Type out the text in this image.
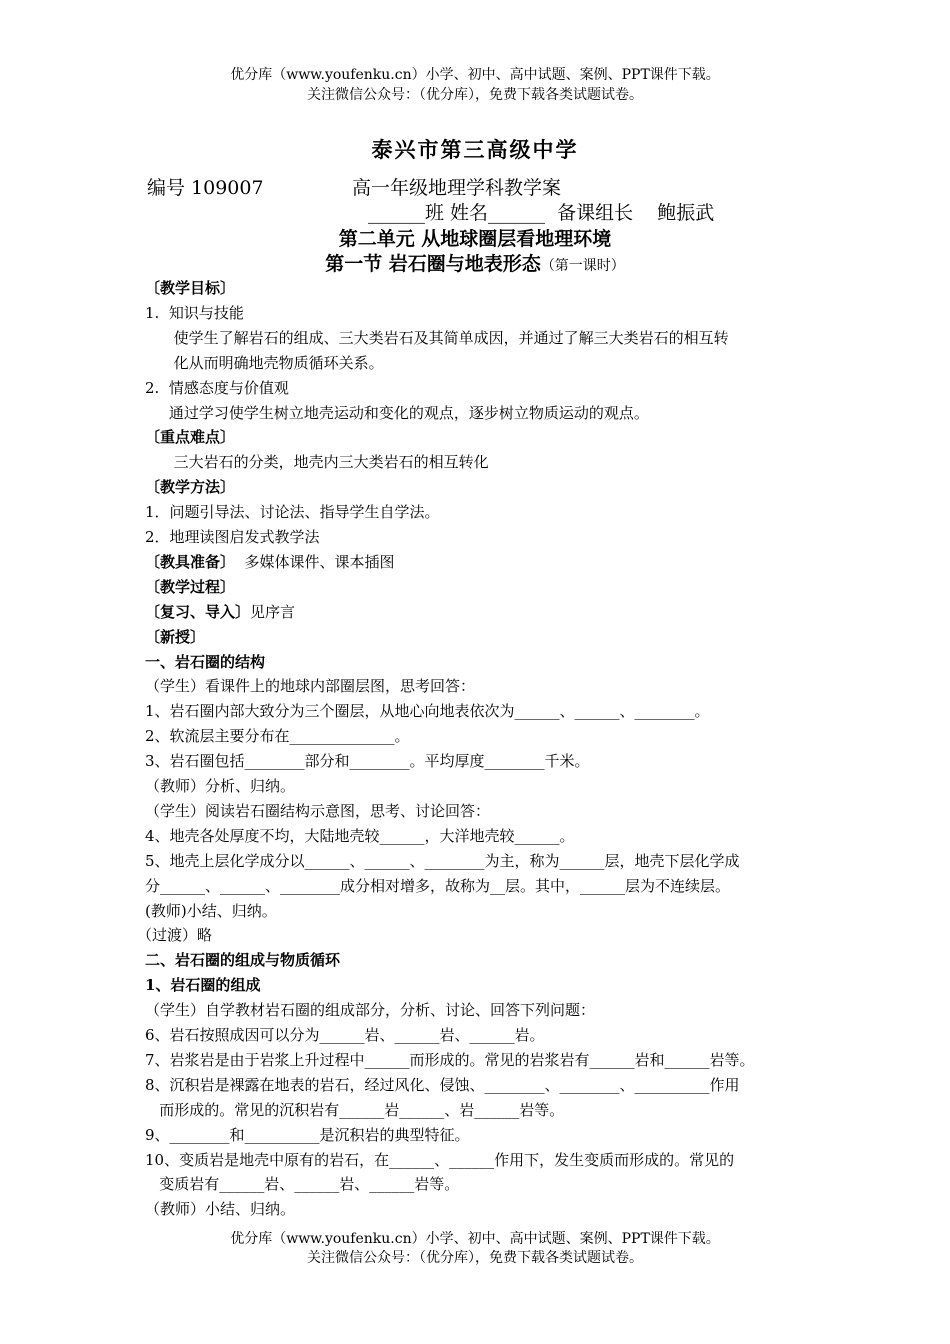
优分库（www.youfenku.cn）小学、初中、高中试题、案例、PPT课件下载。
关注微信公众号：（优分库），免费下载各类试题试卷。
泰兴市第三高级中学
编号 109007	高一年级地理学科教学案
______班 姓名______  备课组长    鲍振武
第二单元 从地球圈层看地理环境
第一节 岩石圈与地表形态（第一课时）
〔教学目标〕
1.  知识与技能
使学生了解岩石的组成、三大类岩石及其简单成因，并通过了解三大类岩石的相互转
化从而明确地壳物质循环关系。
2.  情感态度与价值观
通过学习使学生树立地壳运动和变化的观点，逐步树立物质运动的观点。
〔重点难点〕
三大岩石的分类，地壳内三大类岩石的相互转化
〔教学方法〕
1．问题引导法、讨论法、指导学生自学法。
2．地理读图启发式教学法
〔教具准备〕  多媒体课件、课本插图
〔教学过程〕
〔复习、导入〕见序言
〔新授〕
一、岩石圈的结构
（学生）看课件上的地球内部圈层图，思考回答：
1、岩石圈内部大致分为三个圈层，从地心向地表依次为______、______、________。
2、软流层主要分布在______________。
3、岩石圈包括________部分和________。平均厚度________千米。
（教师）分析、归纳。
（学生）阅读岩石圈结构示意图，思考、讨论回答：
4、地壳各处厚度不均，大陆地壳较______，大洋地壳较______。
5、地壳上层化学成分以______、______、________为主，称为______层，地壳下层化学成
分______、______、________成分相对增多，故称为__层。其中，______层为不连续层。
(教师)小结、归纳。
（过渡）略
二、岩石圈的组成与物质循环
1、岩石圈的组成
（学生）自学教材岩石圈的组成部分，分析、讨论、回答下列问题：
6、岩石按照成因可以分为______岩、______岩、______岩。
7、岩浆岩是由于岩浆上升过程中______而形成的。常见的岩浆岩有______岩和______岩等。
8、沉积岩是裸露在地表的岩石，经过风化、侵蚀、________、________、__________作用
而形成的。常见的沉积岩有______岩______、岩______岩等。
9、________和__________是沉积岩的典型特征。
10、变质岩是地壳中原有的岩石，在______、______作用下，发生变质而形成的。常见的
变质岩有______岩、______岩、______岩等。
（教师）小结、归纳。
优分库（www.youfenku.cn）小学、初中、高中试题、案例、PPT课件下载。
关注微信公众号：（优分库），免费下载各类试题试卷。
